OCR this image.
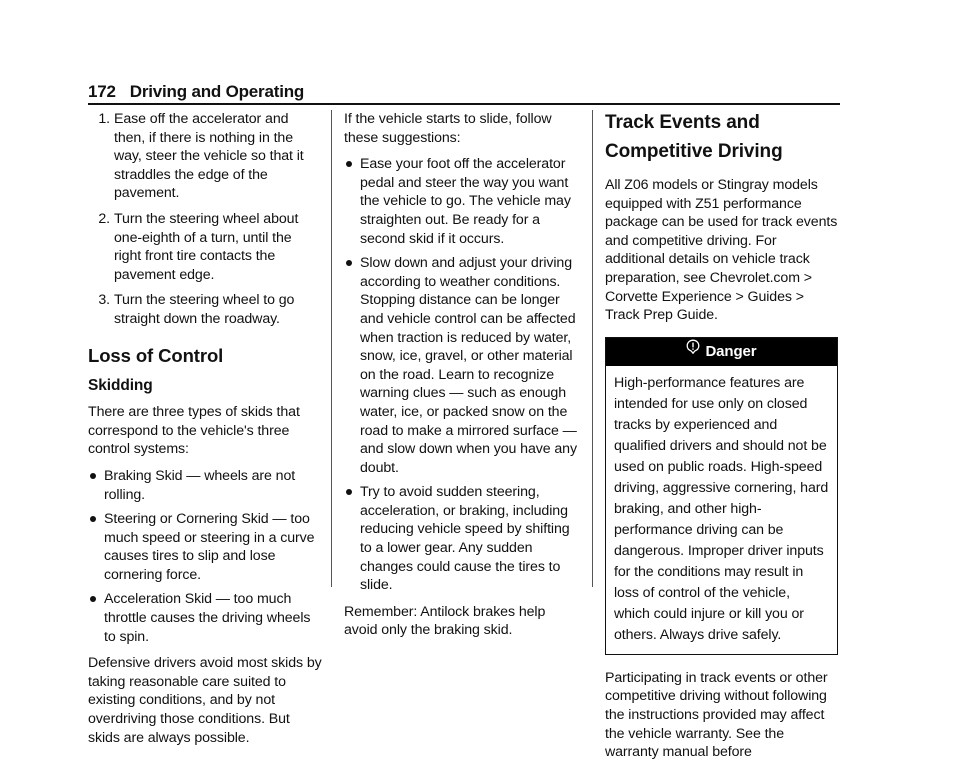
172 Driving and Operating
1. Ease off the accelerator and then, if there is nothing in the way, steer the vehicle so that it straddles the edge of the pavement.
2. Turn the steering wheel about one-eighth of a turn, until the right front tire contacts the pavement edge.
3. Turn the steering wheel to go straight down the roadway.
Loss of Control
Skidding

There are three types of skids that correspond to the vehicle's three control systems:

Braking Skid — wheels are not rolling.
Steering or Cornering Skid — too much speed or steering in a curve causes tires to slip and lose cornering force.
Acceleration Skid — too much throttle causes the driving wheels to spin.

Defensive drivers avoid most skids by taking reasonable care suited to existing conditions, and by not overdriving those conditions. But skids are always possible.

If the vehicle starts to slide, follow these suggestions:

Ease your foot off the accelerator pedal and steer the way you want the vehicle to go. The vehicle may straighten out. Be ready for a second skid if it occurs.
Slow down and adjust your driving according to weather conditions. Stopping distance can be longer and vehicle control can be affected when traction is reduced by water, snow, ice, gravel, or other material on the road. Learn to recognize warning clues — such as enough water, ice, or packed snow on the road to make a mirrored surface — and slow down when you have any doubt.
Try to avoid sudden steering, acceleration, or braking, including reducing vehicle speed by shifting to a lower gear. Any sudden changes could cause the tires to slide.

Remember: Antilock brakes help avoid only the braking skid.

Track Events and Competitive Driving

All Z06 models or Stingray models equipped with Z51 performance package can be used for track events and competitive driving. For additional details on vehicle track preparation, see Chevrolet.com > Corvette Experience > Guides > Track Prep Guide.

Danger
High-performance features are intended for use only on closed tracks by experienced and qualified drivers and should not be used on public roads. High-speed driving, aggressive cornering, hard braking, and other high-performance driving can be dangerous. Improper driver inputs for the conditions may result in loss of control of the vehicle, which could injure or kill you or others. Always drive safely.

Participating in track events or other competitive driving without following the instructions provided may affect the vehicle warranty. See the warranty manual before
